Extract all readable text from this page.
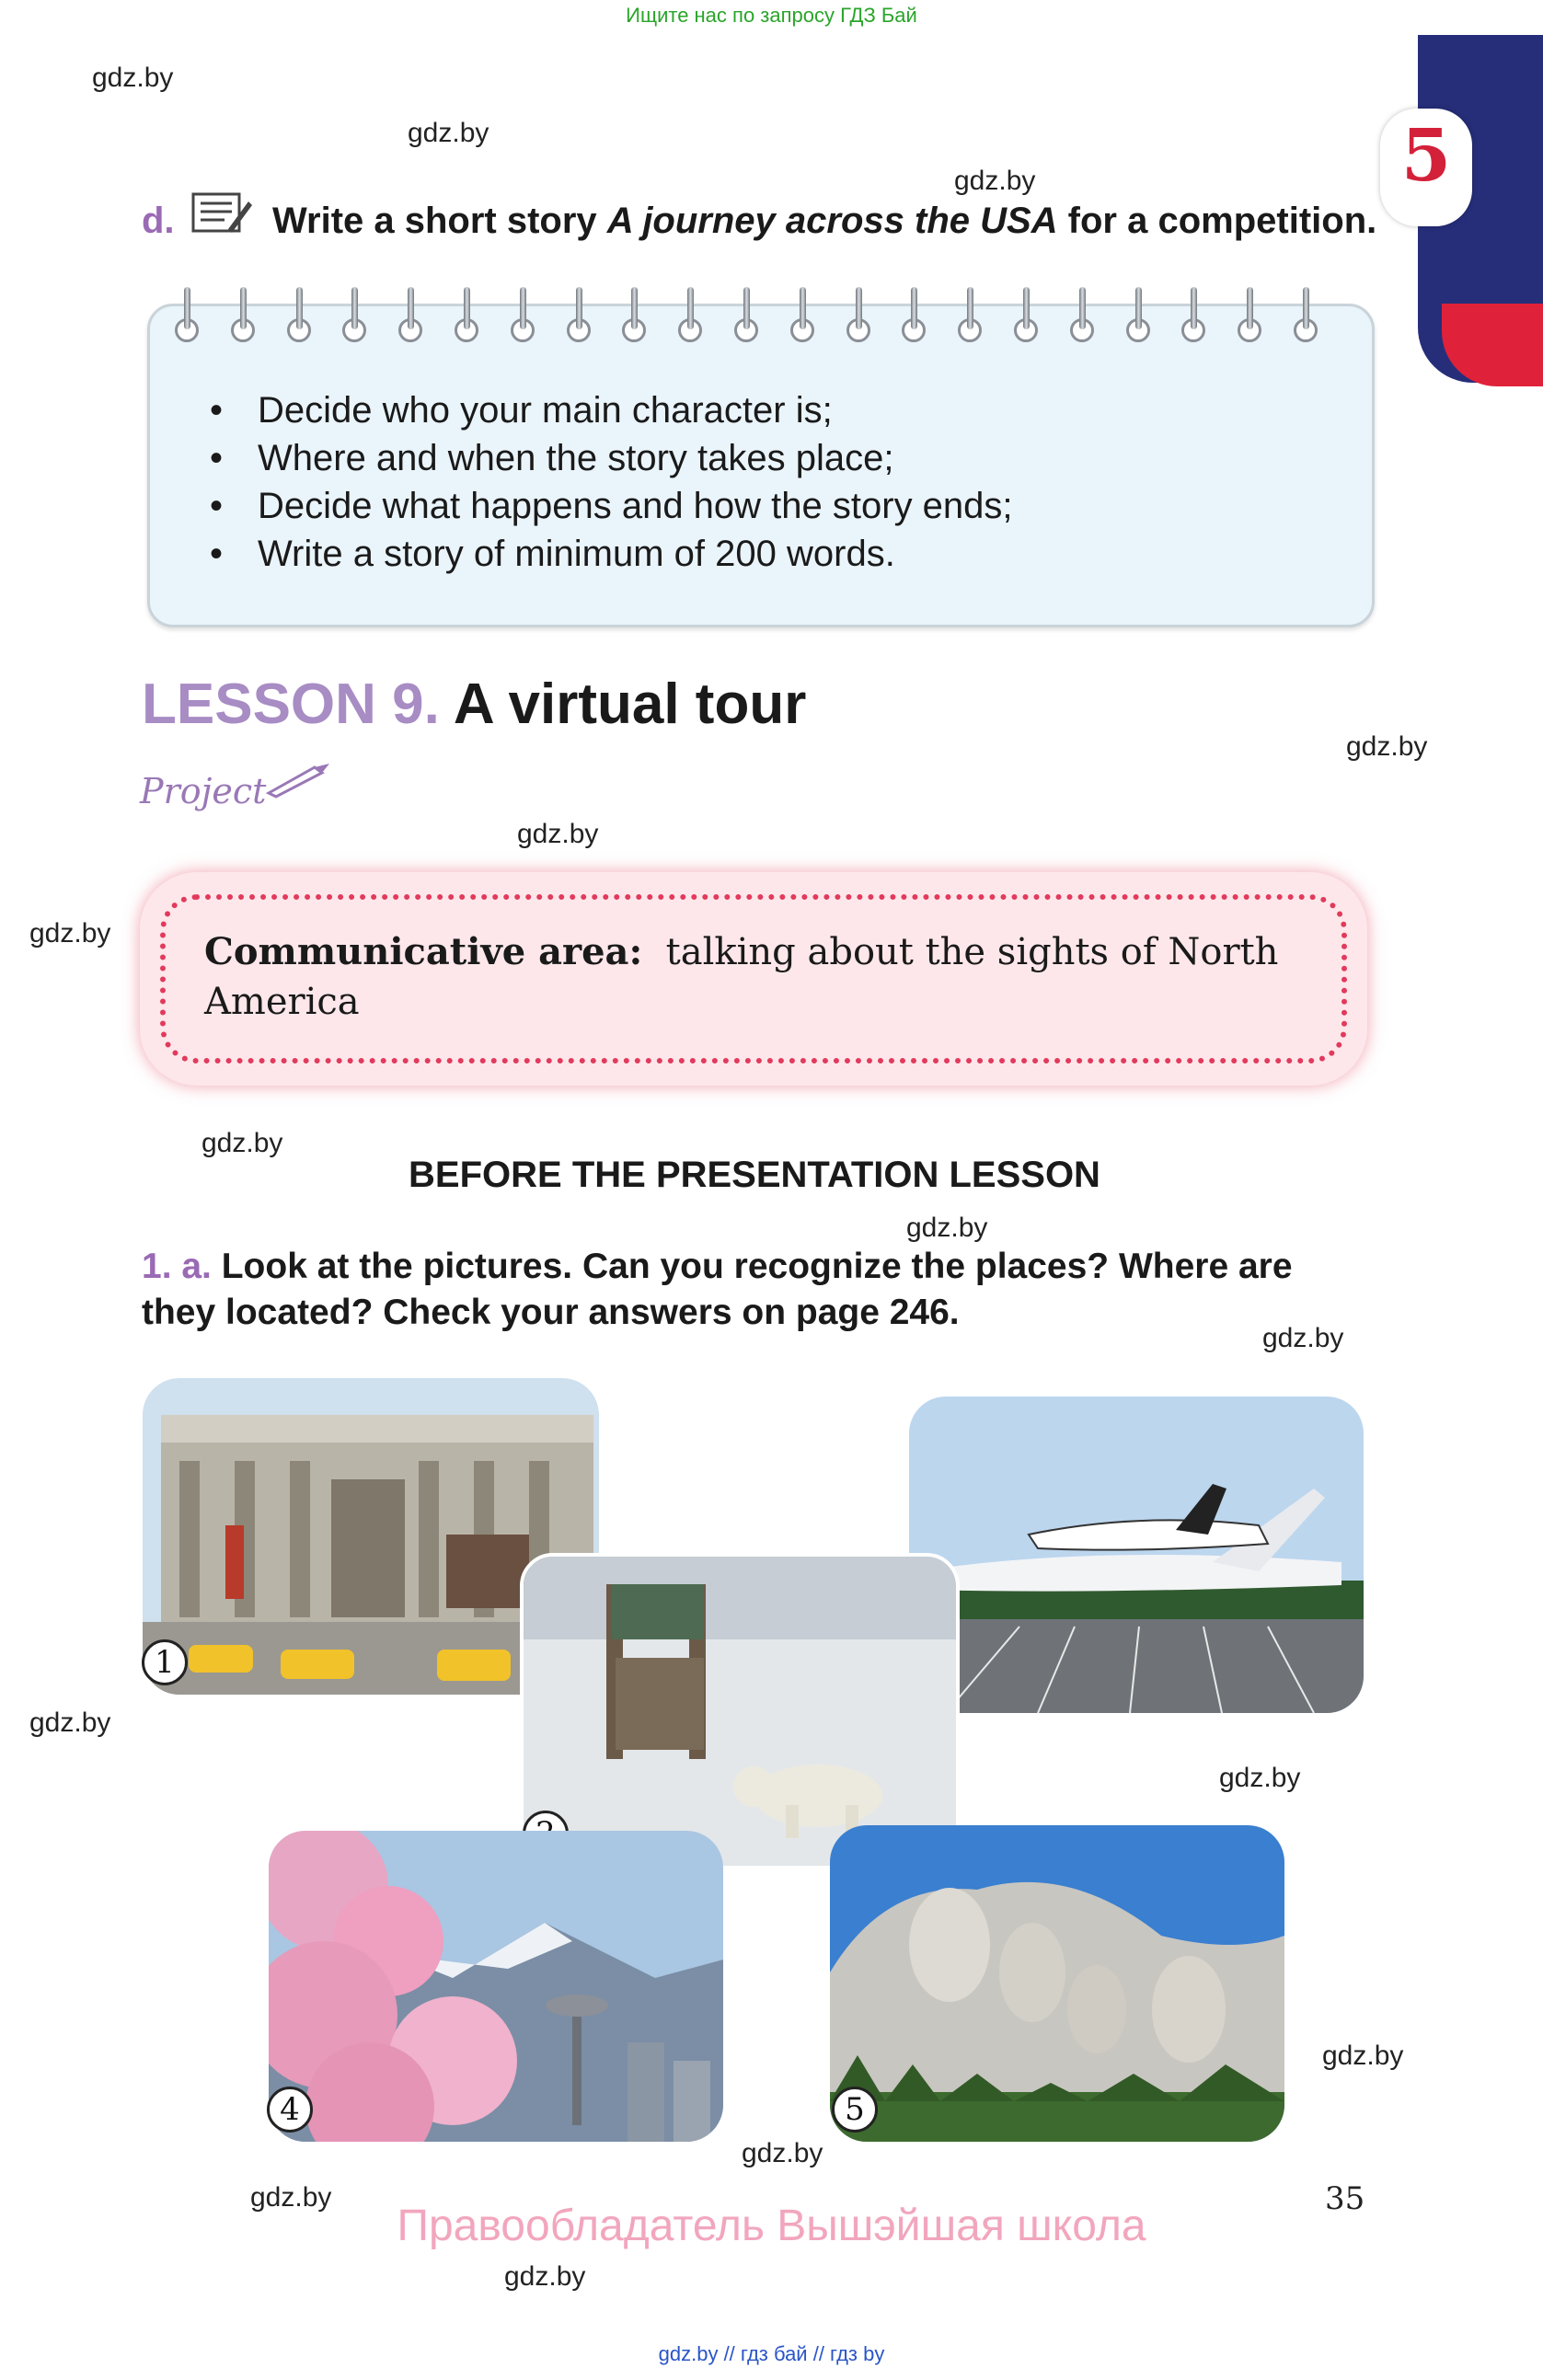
Ищите нас по запросу ГДЗ Бай
5
gdz.by
gdz.by
gdz.by
gdz.by
gdz.by
gdz.by
gdz.by
gdz.by
gdz.by
gdz.by
gdz.by
gdz.by
gdz.by
gdz.by
gdz.by
d.	Write a short story A journey across the USA for a competition.
• Decide who your main character is;
• Where and when the story takes place;
• Decide what happens and how the story ends;
• Write a story of minimum of 200 words.
LESSON 9. A virtual tour
Project
Communicative area: talking about the sights of North America
BEFORE THE PRESENTATION LESSON
1. a. Look at the pictures. Can you recognize the places? Where are they located? Check your answers on page 246.
1
4	5
35
Правообладатель Вышэйшая школа
gdz.by // гдз бай // гдз by
